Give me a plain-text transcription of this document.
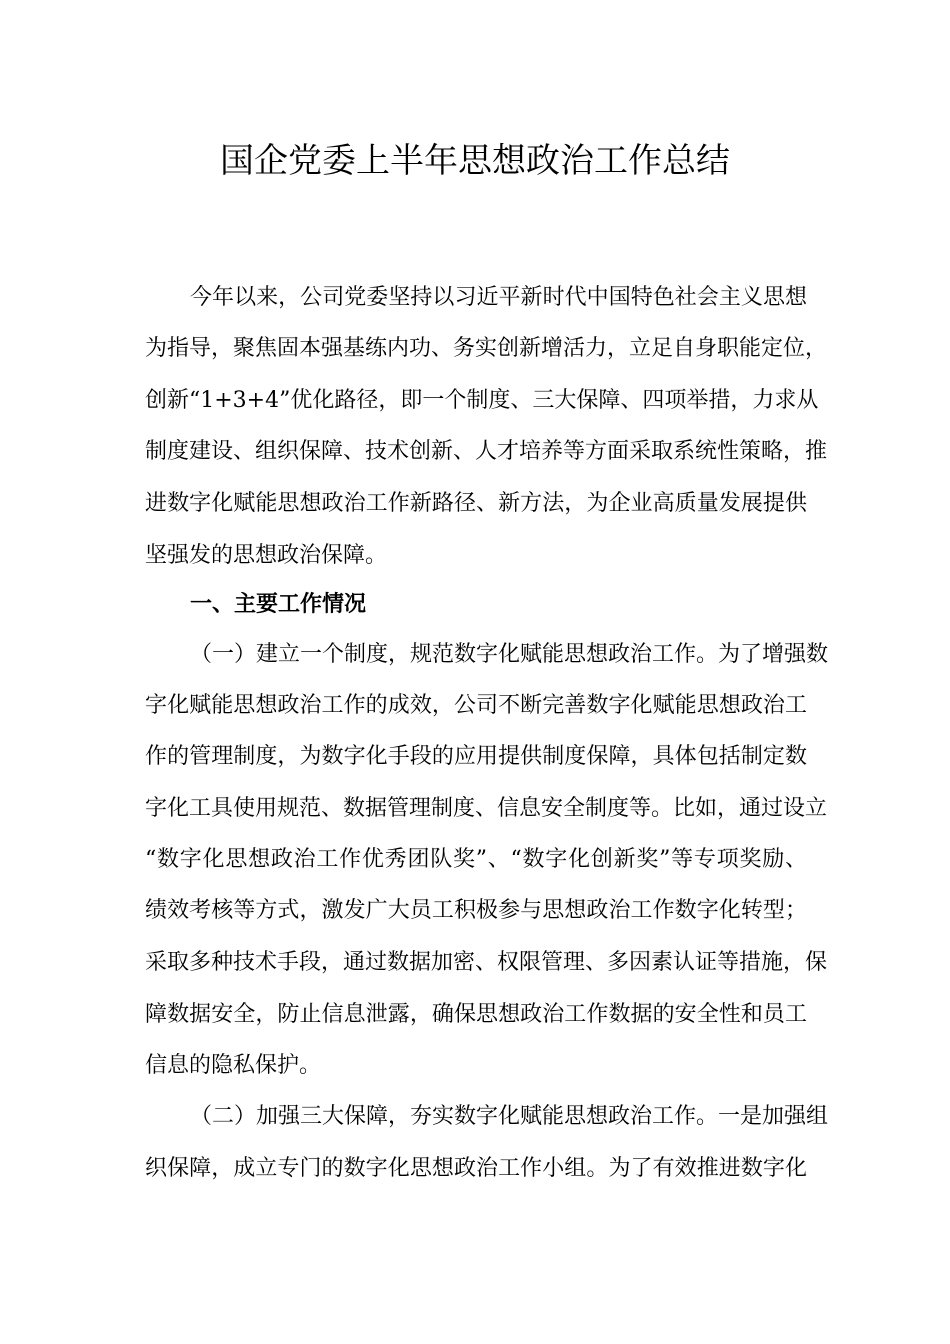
国企党委上半年思想政治工作总结
今年以来，公司党委坚持以习近平新时代中国特色社会主义思想
为指导，聚焦固本强基练内功、务实创新增活力，立足自身职能定位，
创新“1+3+4”优化路径，即一个制度、三大保障、四项举措，力求从
制度建设、组织保障、技术创新、人才培养等方面采取系统性策略，推
进数字化赋能思想政治工作新路径、新方法，为企业高质量发展提供
坚强发的思想政治保障。
一、主要工作情况
（一）建立一个制度，规范数字化赋能思想政治工作。为了增强数
字化赋能思想政治工作的成效，公司不断完善数字化赋能思想政治工
作的管理制度，为数字化手段的应用提供制度保障，具体包括制定数
字化工具使用规范、数据管理制度、信息安全制度等。比如，通过设立
“数字化思想政治工作优秀团队奖”、“数字化创新奖”等专项奖励、
绩效考核等方式，激发广大员工积极参与思想政治工作数字化转型；
采取多种技术手段，通过数据加密、权限管理、多因素认证等措施，保
障数据安全，防止信息泄露，确保思想政治工作数据的安全性和员工
信息的隐私保护。
（二）加强三大保障，夯实数字化赋能思想政治工作。一是加强组
织保障，成立专门的数字化思想政治工作小组。为了有效推进数字化
